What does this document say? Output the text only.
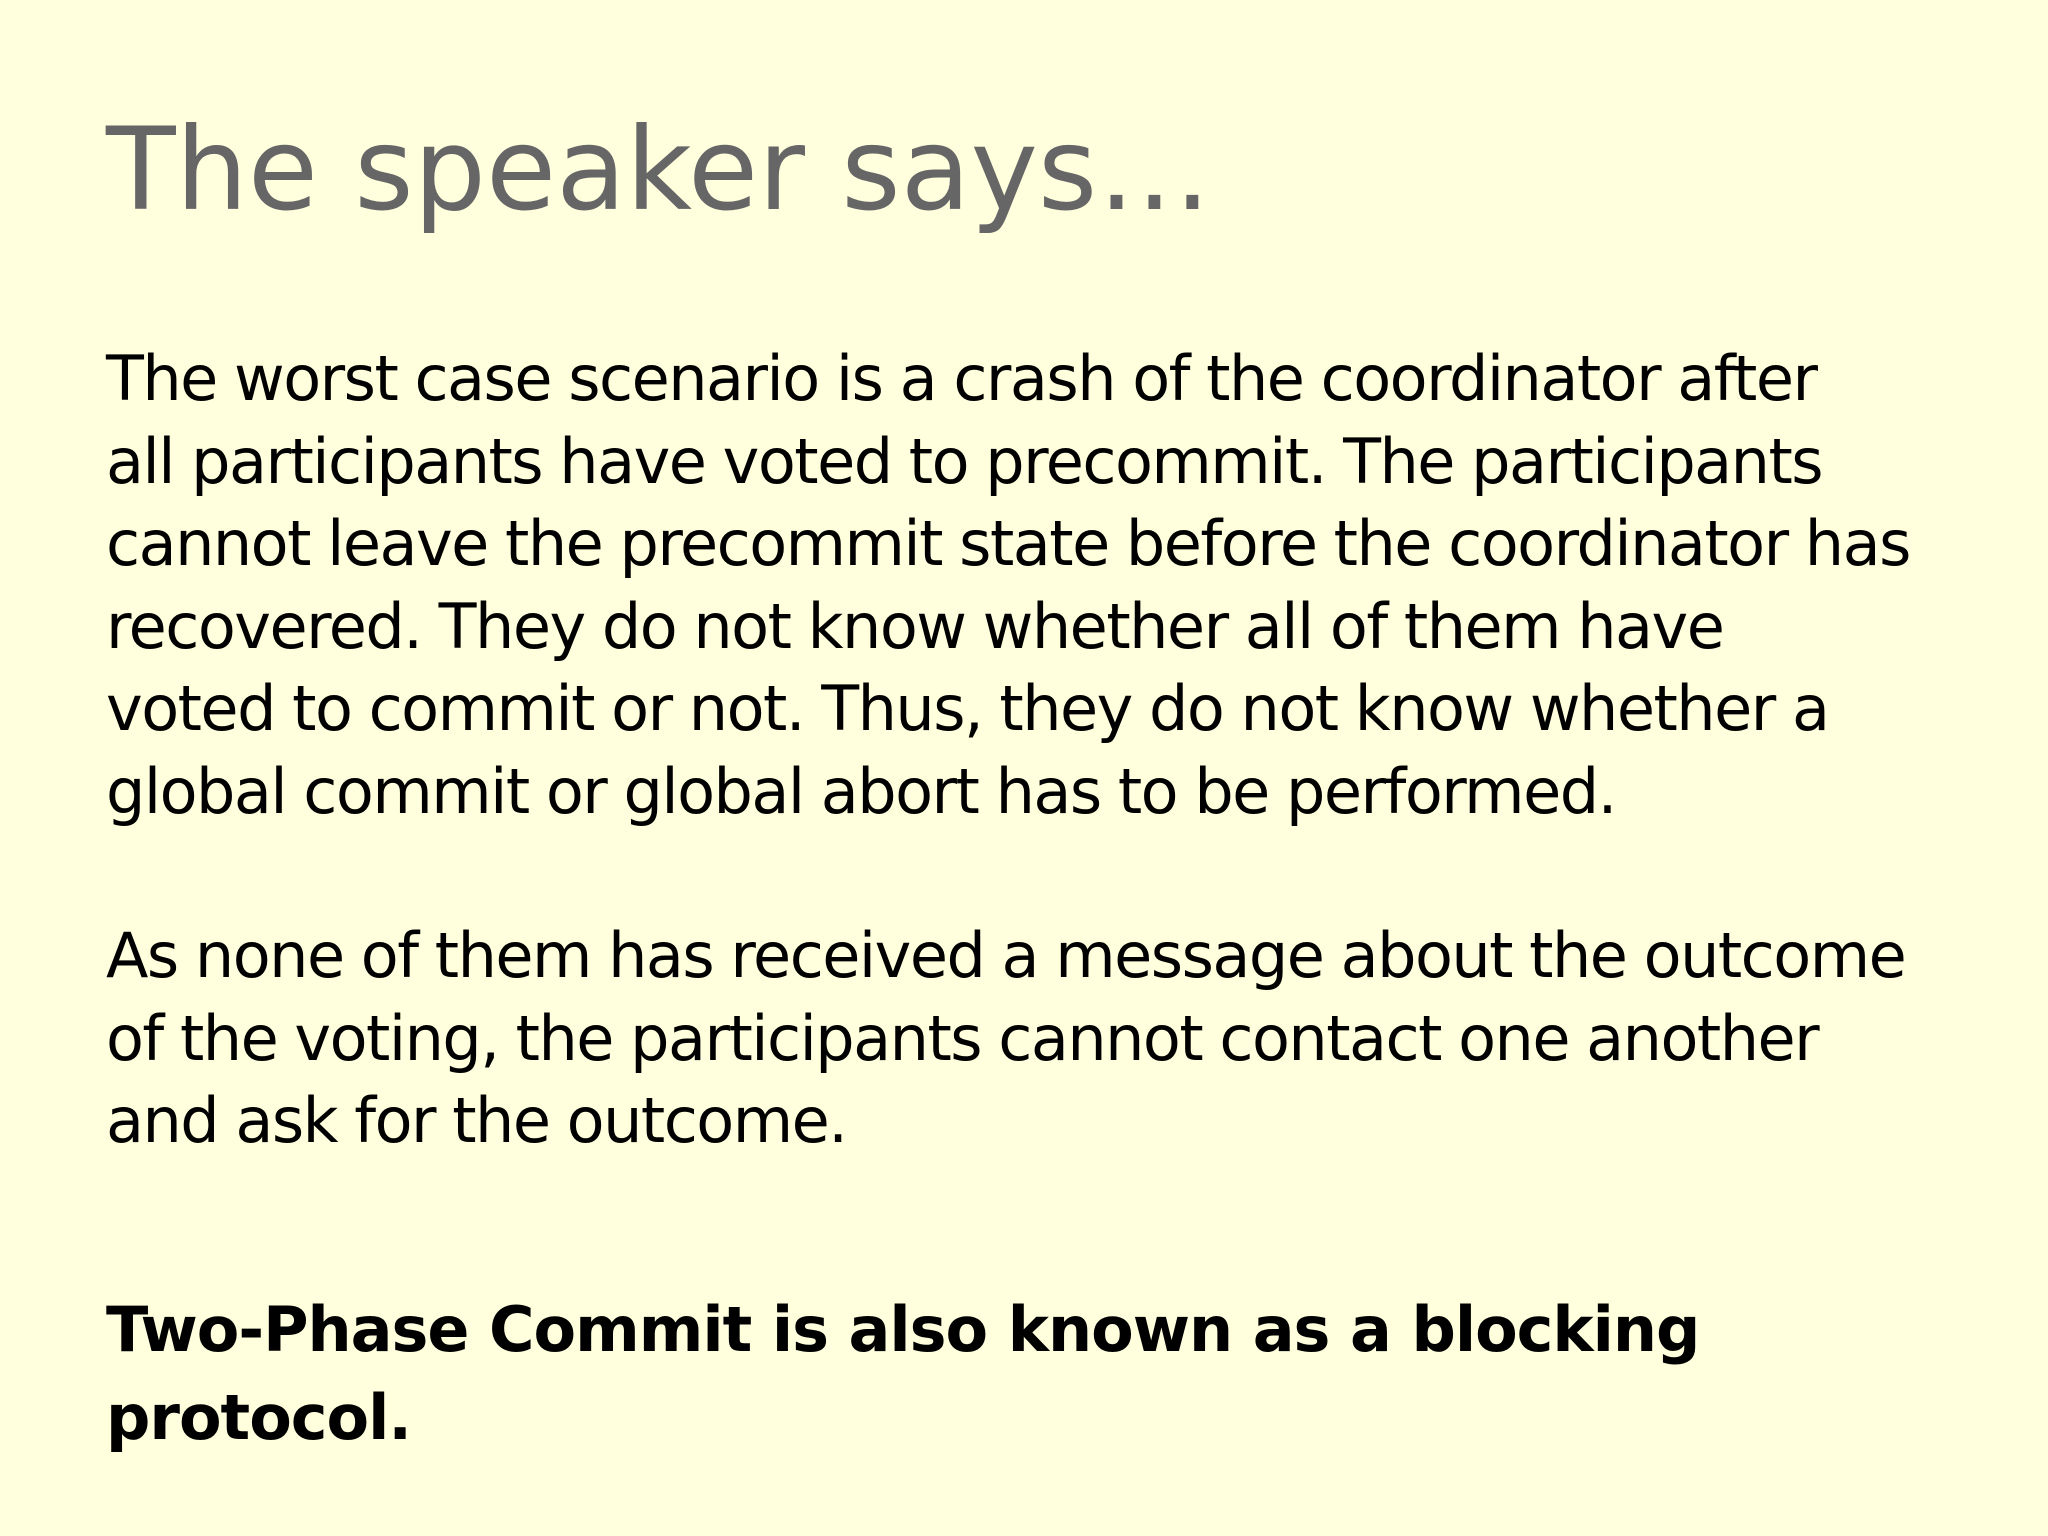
The speaker says…

The worst case scenario is a crash of the coordinator after
all participants have voted to precommit. The participants
cannot leave the precommit state before the coordinator has
recovered. They do not know whether all of them have
voted to commit or not. Thus, they do not know whether a
global commit or global abort has to be performed.

As none of them has received a message about the outcome
of the voting, the participants cannot contact one another
and ask for the outcome.

Two-Phase Commit is also known as a blocking
protocol.
